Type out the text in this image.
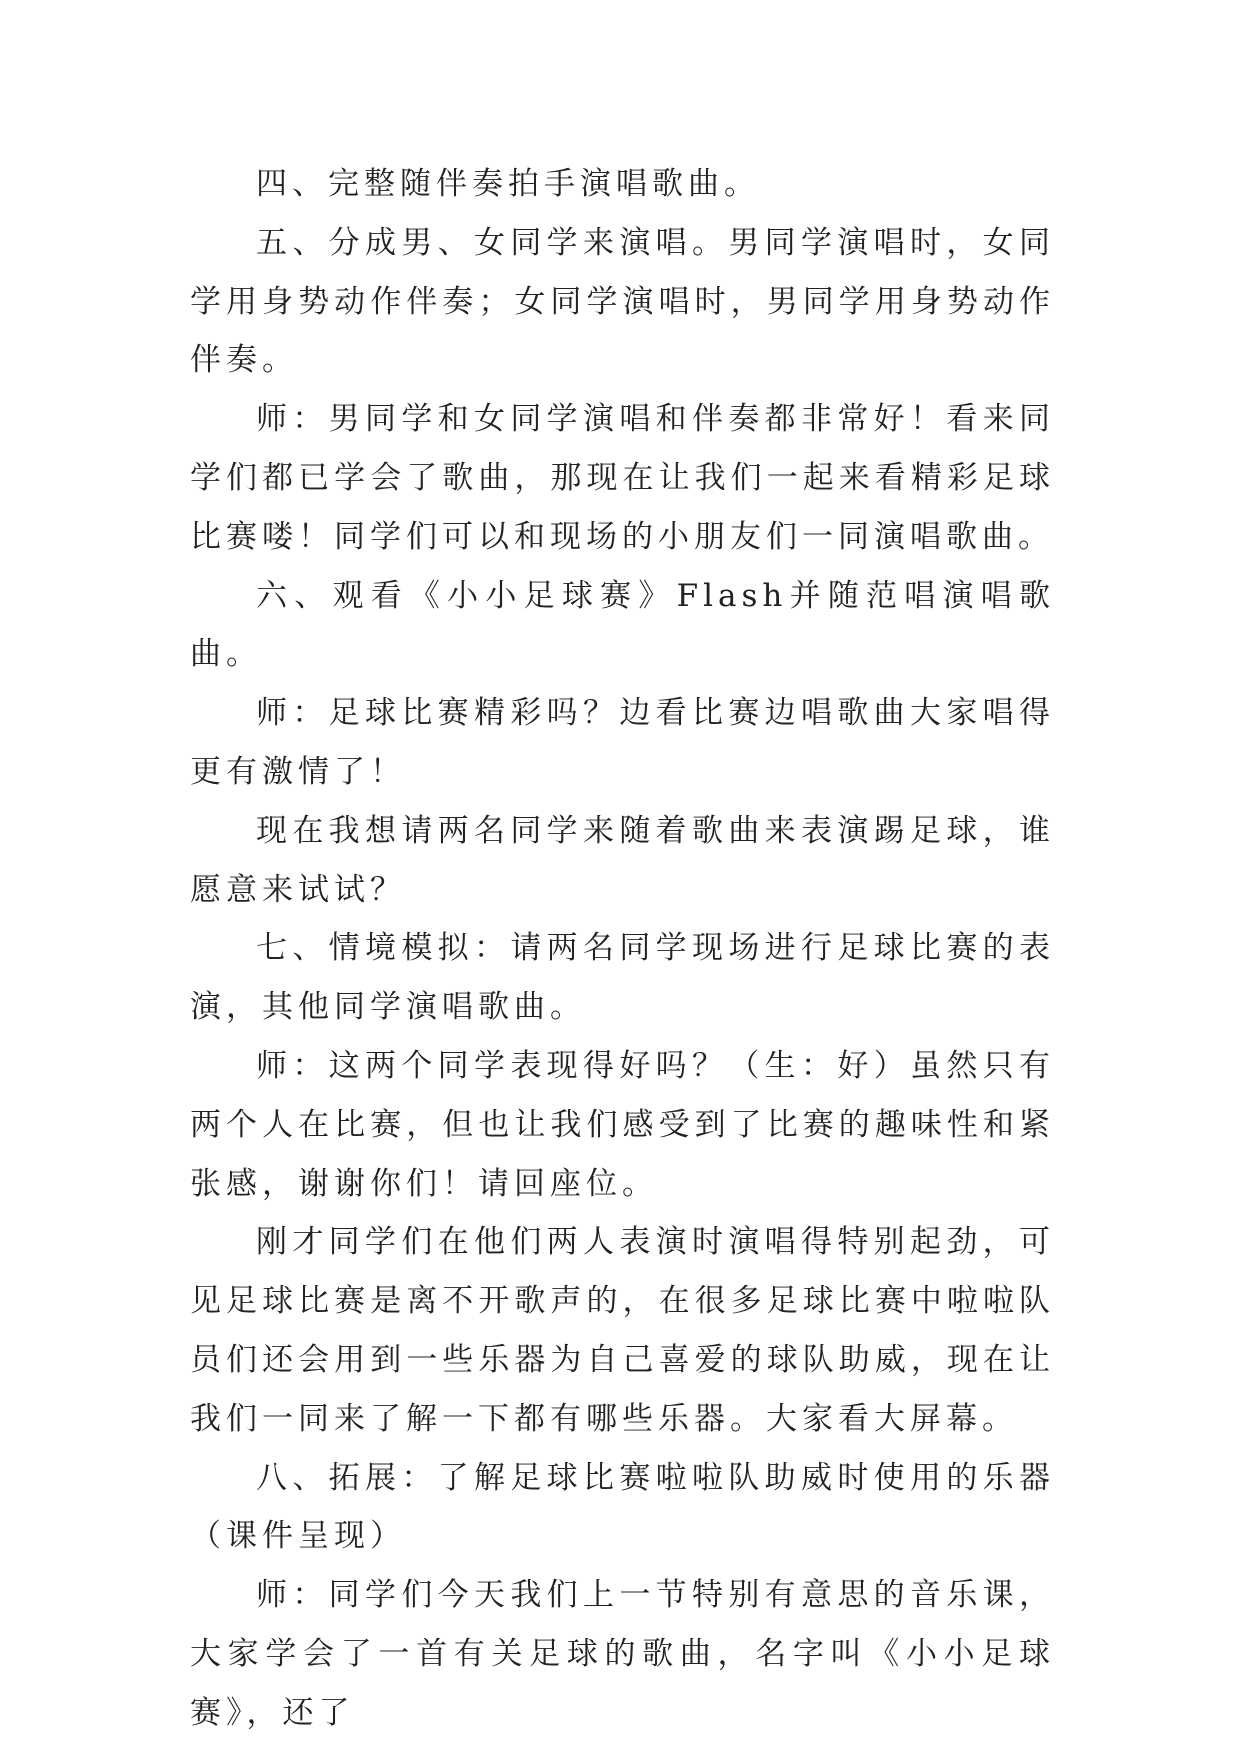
四、完整随伴奏拍手演唱歌曲。

五、分成男、女同学来演唱。男同学演唱时，女同学用身势动作伴奏；女同学演唱时，男同学用身势动作伴奏。

师：男同学和女同学演唱和伴奏都非常好！看来同学们都已学会了歌曲，那现在让我们一起来看精彩足球比赛喽！同学们可以和现场的小朋友们一同演唱歌曲。

六、观看《小小足球赛》Flash并随范唱演唱歌曲。

师：足球比赛精彩吗？边看比赛边唱歌曲大家唱得更有激情了！

现在我想请两名同学来随着歌曲来表演踢足球，谁愿意来试试？

七、情境模拟：请两名同学现场进行足球比赛的表演，其他同学演唱歌曲。

师：这两个同学表现得好吗？（生：好）虽然只有两个人在比赛，但也让我们感受到了比赛的趣味性和紧张感，谢谢你们！请回座位。

刚才同学们在他们两人表演时演唱得特别起劲，可见足球比赛是离不开歌声的，在很多足球比赛中啦啦队员们还会用到一些乐器为自己喜爱的球队助威，现在让我们一同来了解一下都有哪些乐器。大家看大屏幕。

八、拓展：了解足球比赛啦啦队助威时使用的乐器（课件呈现）

师：同学们今天我们上一节特别有意思的音乐课，大家学会了一首有关足球的歌曲，名字叫《小小足球赛》，还了
